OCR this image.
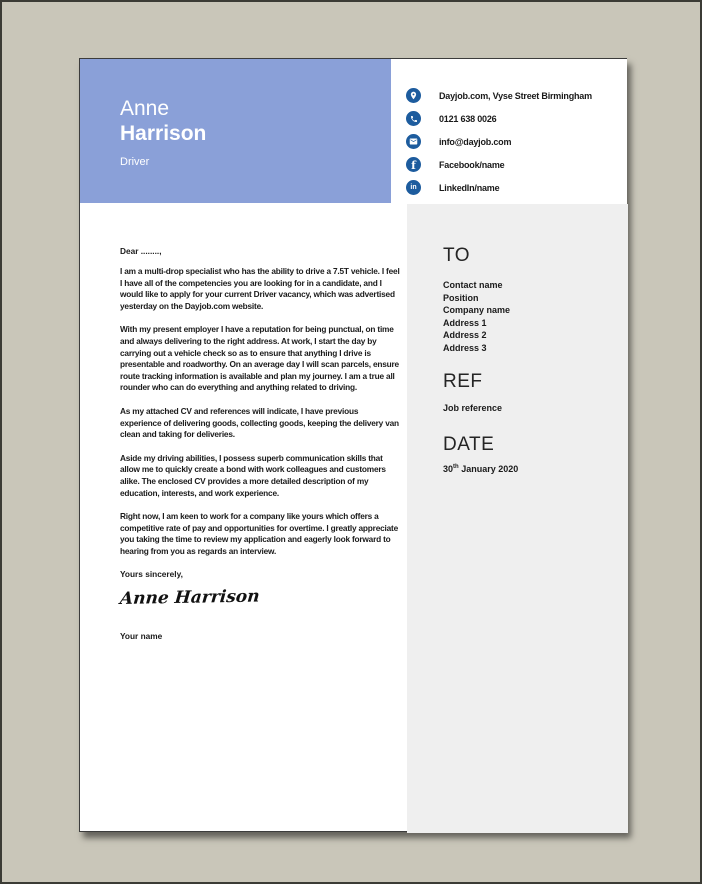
Anne
Harrison
Driver
Dayjob.com, Vyse Street Birmingham
0121 638 0026
info@dayjob.com
f	Facebook/name
in LinkedIn/name
TO
Contact name
Position
Company name
Address 1
Address 2
Address 3
REF
Job reference
DATE
30th January 2020
Dear ........,
I am a multi-drop specialist who has the ability to drive a 7.5T vehicle. I feel I have all of the competencies you are looking for in a candidate, and I would like to apply for your current Driver vacancy, which was advertised yesterday on the Dayjob.com website.
With my present employer I have a reputation for being punctual, on time and always delivering to the right address. At work, I start the day by carrying out a vehicle check so as to ensure that anything I drive is presentable and roadworthy. On an average day I will scan parcels, ensure route tracking information is available and plan my journey. I am a true all rounder who can do everything and anything related to driving.
As my attached CV and references will indicate, I have previous experience of delivering goods, collecting goods, keeping the delivery van clean and taking for deliveries.
Aside my driving abilities, I possess superb communication skills that allow me to quickly create a bond with work colleagues and customers alike. The enclosed CV provides a more detailed description of my education, interests, and work experience.
Right now, I am keen to work for a company like yours which offers a competitive rate of pay and opportunities for overtime. I greatly appreciate you taking the time to review my application and eagerly look forward to hearing from you as regards an interview.
Yours sincerely,
Anne Harrison
Your name
